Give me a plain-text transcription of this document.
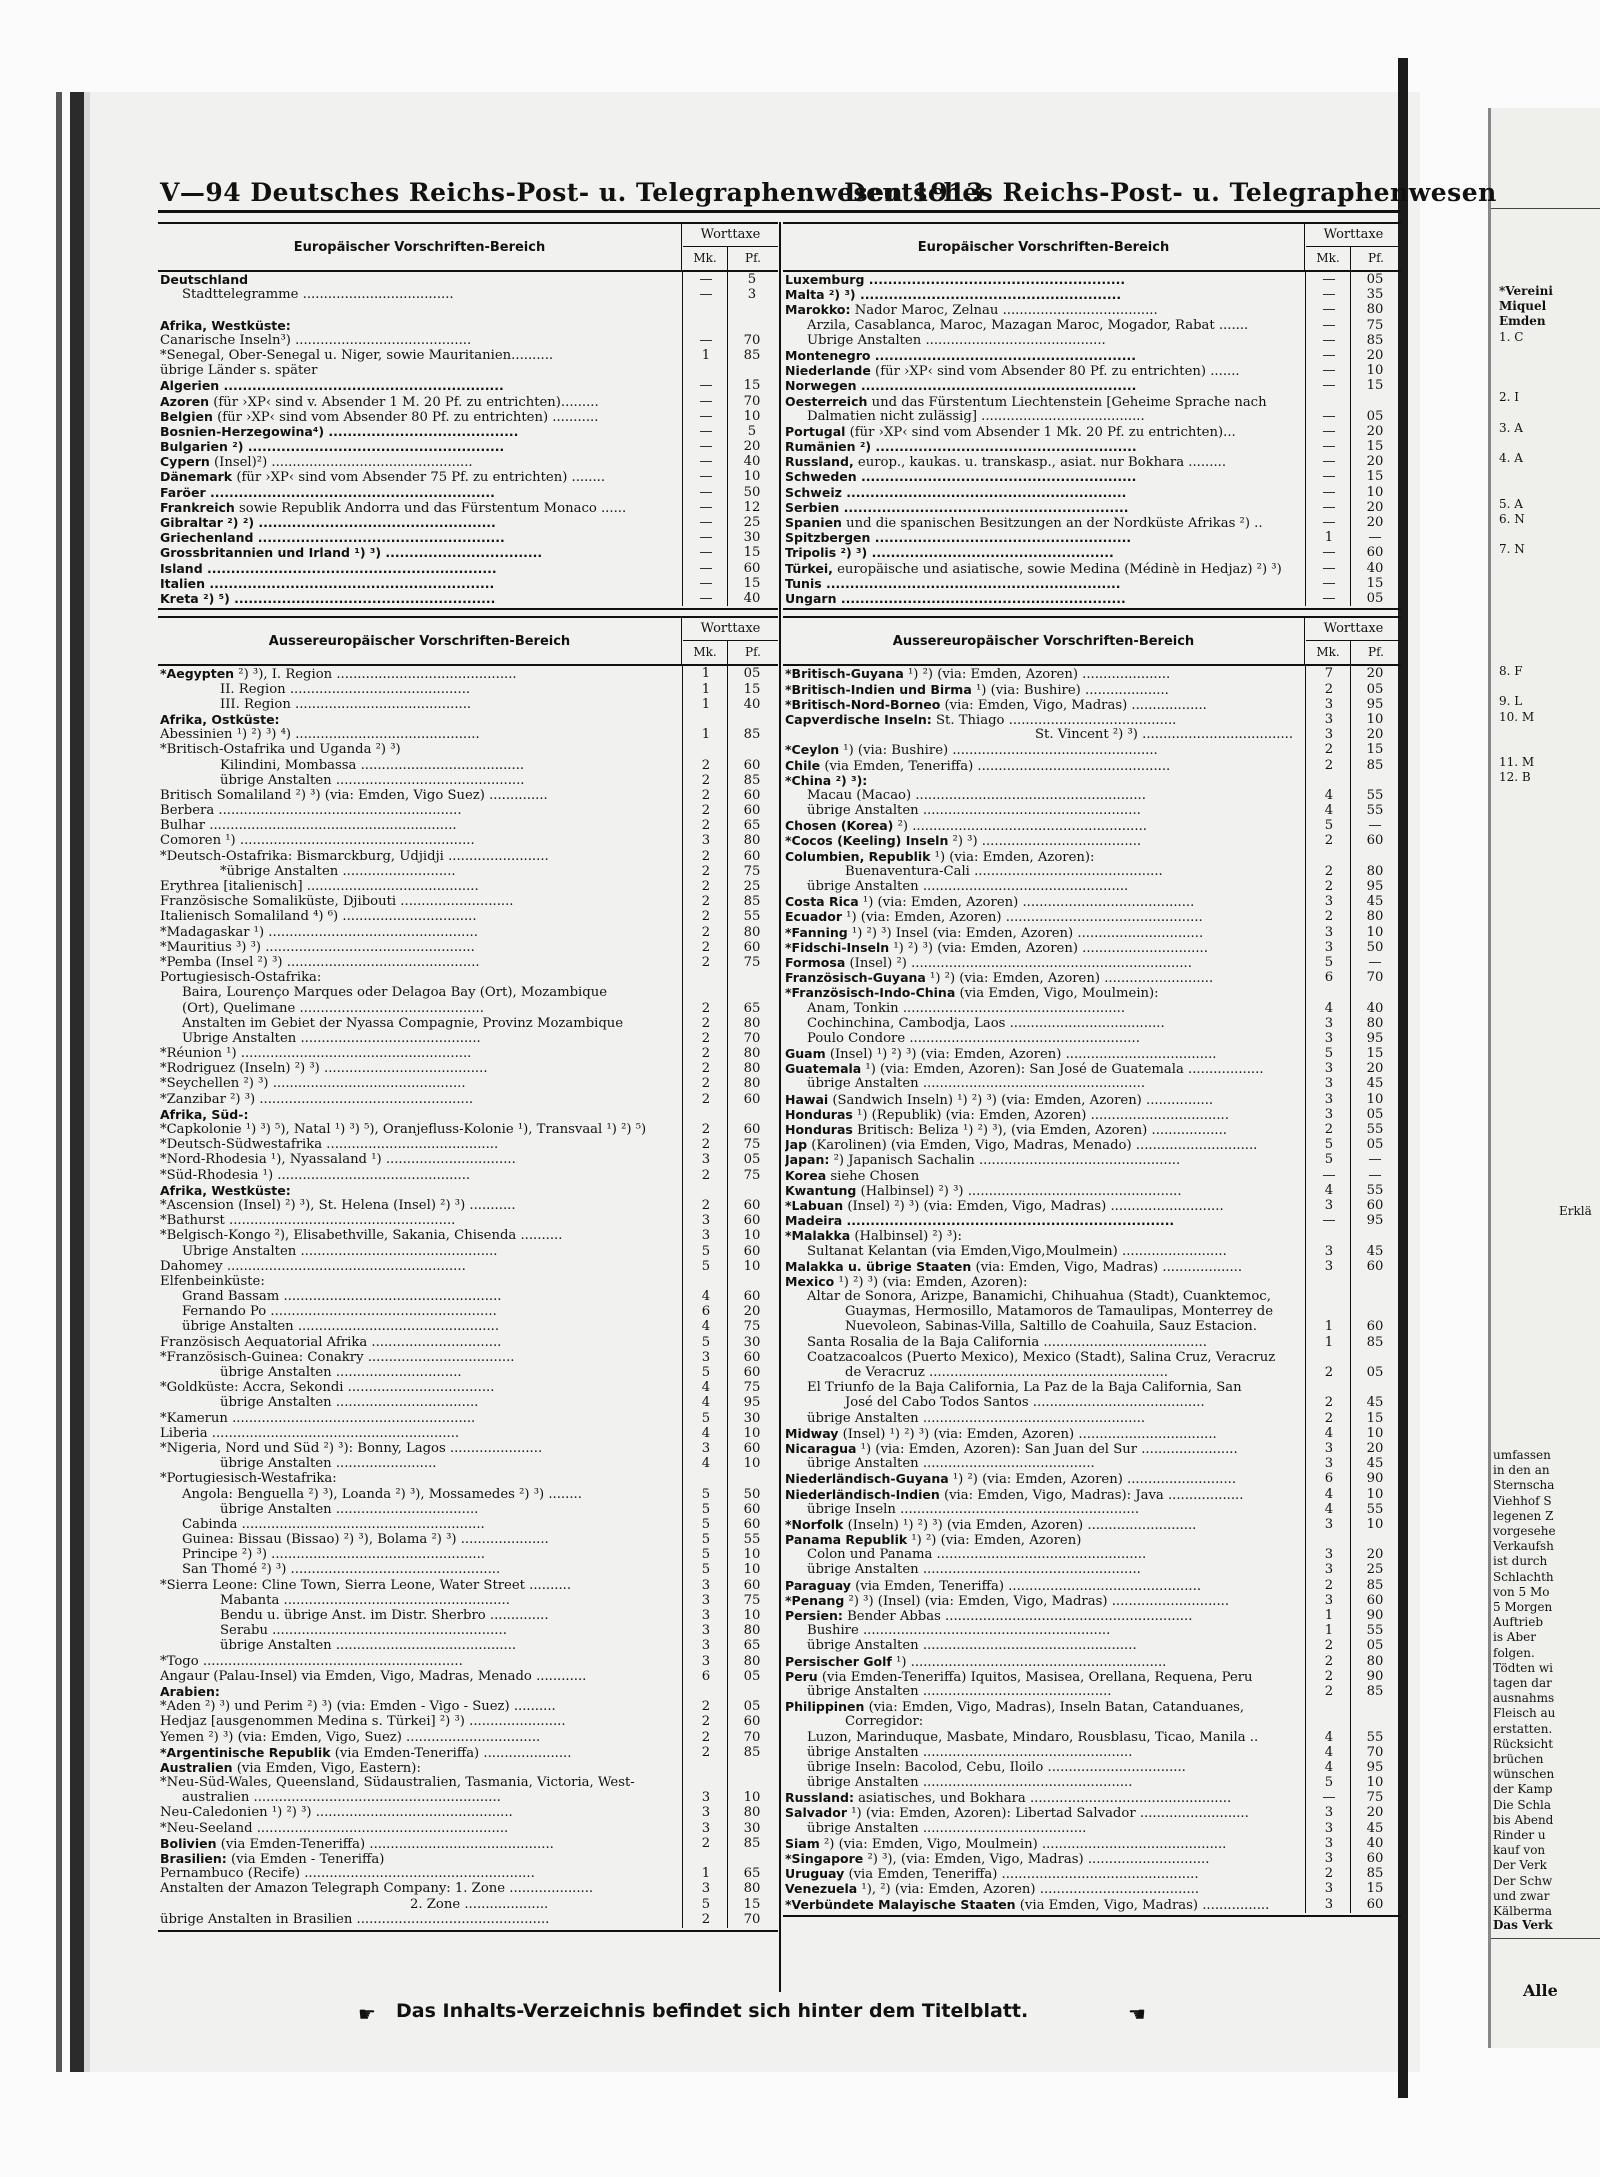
*Vereini
Miquel
Emden
1. C
2. I
3. A
4. A
5. A
6. N
7. N
8. F
9. L
10. M
11. M
12. B
Erklä
umfassen
in den an
Sternscha
Viehhof S
legenen Z
vorgesehe
Verkaufsh
ist durch
Schlachth
von 5 Mo
5 Morgen
Auftrieb
is Aber
folgen.
Tödten wi
tagen dar
ausnahms
Fleisch au
erstatten.
Rücksicht
brüchen
wünschen
der Kamp
Die Schla
bis Abend
Rinder u
kauf von
Der Verk
Der Schw
und zwar
Kälberma
Das Verk
Alle
V—94 Deutsches Reichs-Post- u. Telegraphenwesen 1913
Deutsches Reichs-Post- u. Telegraphenwesen
Europäischer Vorschriften-Bereich
Worttaxe
Mk.	Pf.
Deutschland	—	5
Stadttelegramme ....................................	—	3
Afrika, Westküste:
Canarische Inseln³) ..........................................	—	70
*Senegal, Ober-Senegal u. Niger, sowie Mauritanien..........	1	85
übrige Länder s. später
Algerien ...........................................................	—	15
Azoren (für ›XP‹ sind v. Absender 1 M. 20 Pf. zu entrichten).........	—	70
Belgien (für ›XP‹ sind vom Absender 80 Pf. zu entrichten) ...........	—	10
Bosnien-Herzegowina⁴) ........................................	—	5
Bulgarien ²) ......................................................	—	20
Cypern (Insel)²) ................................................	—	40
Dänemark (für ›XP‹ sind vom Absender 75 Pf. zu entrichten) ........	—	10
Faröer ............................................................	—	50
Frankreich sowie Republik Andorra und das Fürstentum Monaco ......	—	12
Gibraltar ²) ²) ..................................................	—	25
Griechenland ....................................................	—	30
Grossbritannien und Irland ¹) ³) .................................	—	15
Island .............................................................	—	60
Italien ............................................................	—	15
Kreta ²) ⁵) .......................................................	—	40
Aussereuropäischer Vorschriften-Bereich
Worttaxe
Mk.	Pf.
*Aegypten ²) ³), I. Region ...........................................	1	05
II. Region ...........................................	1	15
III. Region ..........................................	1	40
Afrika, Ostküste:
Abessinien ¹) ²) ³) ⁴) ............................................	1	85
*Britisch-Ostafrika und Uganda ²) ³)
Kilindini, Mombassa .......................................	2	60
übrige Anstalten .............................................	2	85
Britisch Somaliland ²) ³) (via: Emden, Vigo Suez) ..............	2	60
Berbera ..........................................................	2	60
Bulhar ...........................................................	2	65
Comoren ¹) ........................................................	3	80
*Deutsch-Ostafrika: Bismarckburg, Udjidji ........................	2	60
*übrige Anstalten ...........................	2	75
Erythrea [italienisch] .........................................	2	25
Französische Somaliküste, Djibouti ...........................	2	85
Italienisch Somaliland ⁴) ⁶) ................................	2	55
*Madagaskar ¹) ..................................................	2	80
*Mauritius ³) ³) ..................................................	2	60
*Pemba (Insel ²) ³) ..............................................	2	75
Portugiesisch-Ostafrika:
Baira, Lourenço Marques oder Delagoa Bay (Ort), Mozambique
(Ort), Quelimane ............................................	2	65
Anstalten im Gebiet der Nyassa Compagnie, Provinz Mozambique	2	80
Übrige Anstalten ...........................................	2	70
*Réunion ¹) .......................................................	2	80
*Rodriguez (Inseln) ²) ³) .......................................	2	80
*Seychellen ²) ³) ..............................................	2	80
*Zanzibar ²) ³) ...................................................	2	60
Afrika, Süd-:
*Capkolonie ¹) ³) ⁵), Natal ¹) ³) ⁵), Oranjefluss-Kolonie ¹), Transvaal ¹) ²) ⁵)	2	60
*Deutsch-Südwestafrika .........................................	2	75
*Nord-Rhodesia ¹), Nyassaland ¹) ...............................	3	05
*Süd-Rhodesia ¹) ..............................................	2	75
Afrika, Westküste:
*Ascension (Insel) ²) ³), St. Helena (Insel) ²) ³) ...........	2	60
*Bathurst ......................................................	3	60
*Belgisch-Kongo ²), Elisabethville, Sakania, Chisenda ..........	3	10
Übrige Anstalten ...............................................	5	60
Dahomey .........................................................	5	10
Elfenbeinküste:
Grand Bassam ....................................................	4	60
Fernando Po ......................................................	6	20
übrige Anstalten ................................................	4	75
Französisch Aequatorial Afrika ...............................	5	30
*Französisch-Guinea: Conakry ...................................	3	60
übrige Anstalten ..............................	5	60
*Goldküste: Accra, Sekondi ...................................	4	75
übrige Anstalten ..................................	4	95
*Kamerun ..........................................................	5	30
Liberia ...........................................................	4	10
*Nigeria, Nord und Süd ²) ³): Bonny, Lagos ......................	3	60
übrige Anstalten ........................	4	10
*Portugiesisch-Westafrika:
Angola: Benguella ²) ³), Loanda ²) ³), Mossamedes ²) ³) ........	5	50
übrige Anstalten ..................................	5	60
Cabinda ..........................................................	5	60
Guinea: Bissau (Bissao) ²) ³), Bolama ²) ³) .....................	5	55
Principe ²) ³) ...................................................	5	10
San Thomé ²) ³) ..................................................	5	10
*Sierra Leone: Cline Town, Sierra Leone, Water Street ..........	3	60
Mabanta ......................................................	3	75
Bendu u. übrige Anst. im Distr. Sherbro ..............	3	10
Serabu ........................................................	3	80
übrige Anstalten ...........................................	3	65
*Togo ..............................................................	3	80
Angaur (Palau-Insel) via Emden, Vigo, Madras, Menado ............	6	05
Arabien:
*Aden ²) ³) und Perim ²) ³) (via: Emden - Vigo - Suez) ..........	2	05
Hedjaz [ausgenommen Medina s. Türkei] ²) ³) .......................	2	60
Yemen ²) ³) (via: Emden, Vigo, Suez) ................................	2	70
*Argentinische Republik (via Emden-Teneriffa) .....................	2	85
Australien (via Emden, Vigo, Eastern):
*Neu-Süd-Wales, Queensland, Südaustralien, Tasmania, Victoria, West-
australien ...........................................................	3	10
Neu-Caledonien ¹) ²) ³) ...............................................	3	80
*Neu-Seeland ............................................................	3	30
Bolivien (via Emden-Teneriffa) ............................................	2	85
Brasilien: (via Emden - Teneriffa)
Pernambuco (Recife) .......................................................	1	65
Anstalten der Amazon Telegraph Company: 1. Zone ....................	3	80
2. Zone ....................	5	15
übrige Anstalten in Brasilien ..............................................	2	70
Europäischer Vorschriften-Bereich
Worttaxe
Mk.	Pf.
Luxemburg ......................................................	—	05
Malta ²) ³) .......................................................	—	35
Marokko: Nador Maroc, Zelnau .....................................	—	80
Arzila, Casablanca, Maroc, Mazagan Maroc, Mogador, Rabat .......	—	75
Übrige Anstalten ...........................................	—	85
Montenegro .......................................................	—	20
Niederlande (für ›XP‹ sind vom Absender 80 Pf. zu entrichten) .......	—	10
Norwegen ..........................................................	—	15
Oesterreich und das Fürstentum Liechtenstein [Geheime Sprache nach
Dalmatien nicht zulässig] .......................................	—	05
Portugal (für ›XP‹ sind vom Absender 1 Mk. 20 Pf. zu entrichten)...	—	20
Rumänien ²) .......................................................	—	15
Russland, europ., kaukas. u. transkasp., asiat. nur Bokhara .........	—	20
Schweden ..........................................................	—	15
Schweiz ...........................................................	—	10
Serbien ............................................................	—	20
Spanien und die spanischen Besitzungen an der Nordküste Afrikas ²) ..	—	20
Spitzbergen ......................................................	1	—
Tripolis ²) ³) ...................................................	—	60
Türkei, europäische und asiatische, sowie Medina (Médinè in Hedjaz) ²) ³)	—	40
Tunis ..............................................................	—	15
Ungarn ............................................................	—	05
Aussereuropäischer Vorschriften-Bereich
Worttaxe
Mk.	Pf.
*Britisch-Guyana ¹) ²) (via: Emden, Azoren) .....................	7	20
*Britisch-Indien und Birma ¹) (via: Bushire) ....................	2	05
*Britisch-Nord-Borneo (via: Emden, Vigo, Madras) ..................	3	95
Capverdische Inseln: St. Thiago ........................................	3	10
St. Vincent ²) ³) ....................................	3	20
*Ceylon ¹) (via: Bushire) .................................................	2	15
Chile (via Emden, Teneriffa) ..............................................	2	85
*China ²) ³):
Macau (Macao) .......................................................	4	55
übrige Anstalten ....................................................	4	55
Chosen (Korea) ²) ........................................................	5	—
*Cocos (Keeling) Inseln ²) ³) ......................................	2	60
Columbien, Republik ¹) (via: Emden, Azoren):
Buenaventura-Cali .............................................	2	80
übrige Anstalten .................................................	2	95
Costa Rica ¹) (via: Emden, Azoren) .........................................	3	45
Ecuador ¹) (via: Emden, Azoren) ...............................................	2	80
*Fanning ¹) ²) ³) Insel (via: Emden, Azoren) ..............................	3	10
*Fidschi-Inseln ¹) ²) ³) (via: Emden, Azoren) ..............................	3	50
Formosa (Insel) ²) ...................................................................	5	—
Französisch-Guyana ¹) ²) (via: Emden, Azoren) ..........................	6	70
*Französisch-Indo-China (via Emden, Vigo, Moulmein):
Anam, Tonkin .....................................................	4	40
Cochinchina, Cambodja, Laos .....................................	3	80
Poulo Condore .......................................................	3	95
Guam (Insel) ¹) ²) ³) (via: Emden, Azoren) ....................................	5	15
Guatemala ¹) (via: Emden, Azoren): San José de Guatemala ..................	3	20
übrige Anstalten .....................................................	3	45
Hawai (Sandwich Inseln) ¹) ²) ³) (via: Emden, Azoren) ................	3	10
Honduras ¹) (Republik) (via: Emden, Azoren) .................................	3	05
Honduras Britisch: Beliza ¹) ²) ³), (via Emden, Azoren) ..................	2	55
Jap (Karolinen) (via Emden, Vigo, Madras, Menado) .............................	5	05
Japan: ²) Japanisch Sachalin ................................................	5	—
Korea siehe Chosen	—	—
Kwantung (Halbinsel) ²) ³) ...................................................	4	55
*Labuan (Insel) ²) ³) (via: Emden, Vigo, Madras) ...........................	3	60
Madeira .....................................................................	—	95
*Malakka (Halbinsel) ²) ³):
Sultanat Kelantan (via Emden,Vigo,Moulmein) .........................	3	45
Malakka u. übrige Staaten (via: Emden, Vigo, Madras) ...................	3	60
Mexico ¹) ²) ³) (via: Emden, Azoren):
Altar de Sonora, Arizpe, Banamichi, Chihuahua (Stadt), Cuanktemoc,
Guaymas, Hermosillo, Matamoros de Tamaulipas, Monterrey de
Nuevoleon, Sabinas-Villa, Saltillo de Coahuila, Sauz Estacion.	1	60
Santa Rosalia de la Baja California .......................................	1	85
Coatzacoalcos (Puerto Mexico), Mexico (Stadt), Salina Cruz, Veracruz
de Veracruz .........................................................	2	05
El Triunfo de la Baja California, La Paz de la Baja California, San
José del Cabo Todos Santos .........................................	2	45
übrige Anstalten .....................................................	2	15
Midway (Insel) ¹) ²) ³) (via: Emden, Azoren) .................................	4	10
Nicaragua ¹) (via: Emden, Azoren): San Juan del Sur .......................	3	20
übrige Anstalten .........................................	3	45
Niederländisch-Guyana ¹) ²) (via: Emden, Azoren) ..........................	6	90
Niederländisch-Indien (via: Emden, Vigo, Madras): Java ..................	4	10
übrige Inseln .........................................................	4	55
*Norfolk (Inseln) ¹) ²) ³) (via Emden, Azoren) ..........................	3	10
Panama Republik ¹) ²) (via: Emden, Azoren)
Colon und Panama ..................................................	3	20
übrige Anstalten ....................................................	3	25
Paraguay (via Emden, Teneriffa) ..............................................	2	85
*Penang ²) ³) (Insel) (via: Emden, Vigo, Madras) ............................	3	60
Persien: Bender Abbas ...........................................................	1	90
Bushire ...........................................................	1	55
übrige Anstalten ...................................................	2	05
Persischer Golf ¹) .............................................................	2	80
Peru (via Emden-Teneriffa) Iquitos, Masisea, Orellana, Requena, Peru	2	90
übrige Anstalten .............................................	2	85
Philippinen (via: Emden, Vigo, Madras), Inseln Batan, Catanduanes,
Corregidor:
Luzon, Marinduque, Masbate, Mindaro, Rousblasu, Ticao, Manila ..	4	55
übrige Anstalten ..................................................	4	70
übrige Inseln: Bacolod, Cebu, Iloilo .................................	4	95
übrige Anstalten ..................................................	5	10
Russland: asiatisches, und Bokhara ................................................	—	75
Salvador ¹) (via: Emden, Azoren): Libertad Salvador ..........................	3	20
übrige Anstalten .......................................	3	45
Siam ²) (via: Emden, Vigo, Moulmein) ............................................	3	40
*Singapore ²) ³), (via: Emden, Vigo, Madras) .............................	3	60
Uruguay (via Emden, Teneriffa) ...............................................	2	85
Venezuela ¹), ²) (via: Emden, Azoren) ......................................	3	15
*Verbündete Malayische Staaten (via Emden, Vigo, Madras) ................	3	60
☛ Das Inhalts-Verzeichnis befindet sich hinter dem Titelblatt.	☚
